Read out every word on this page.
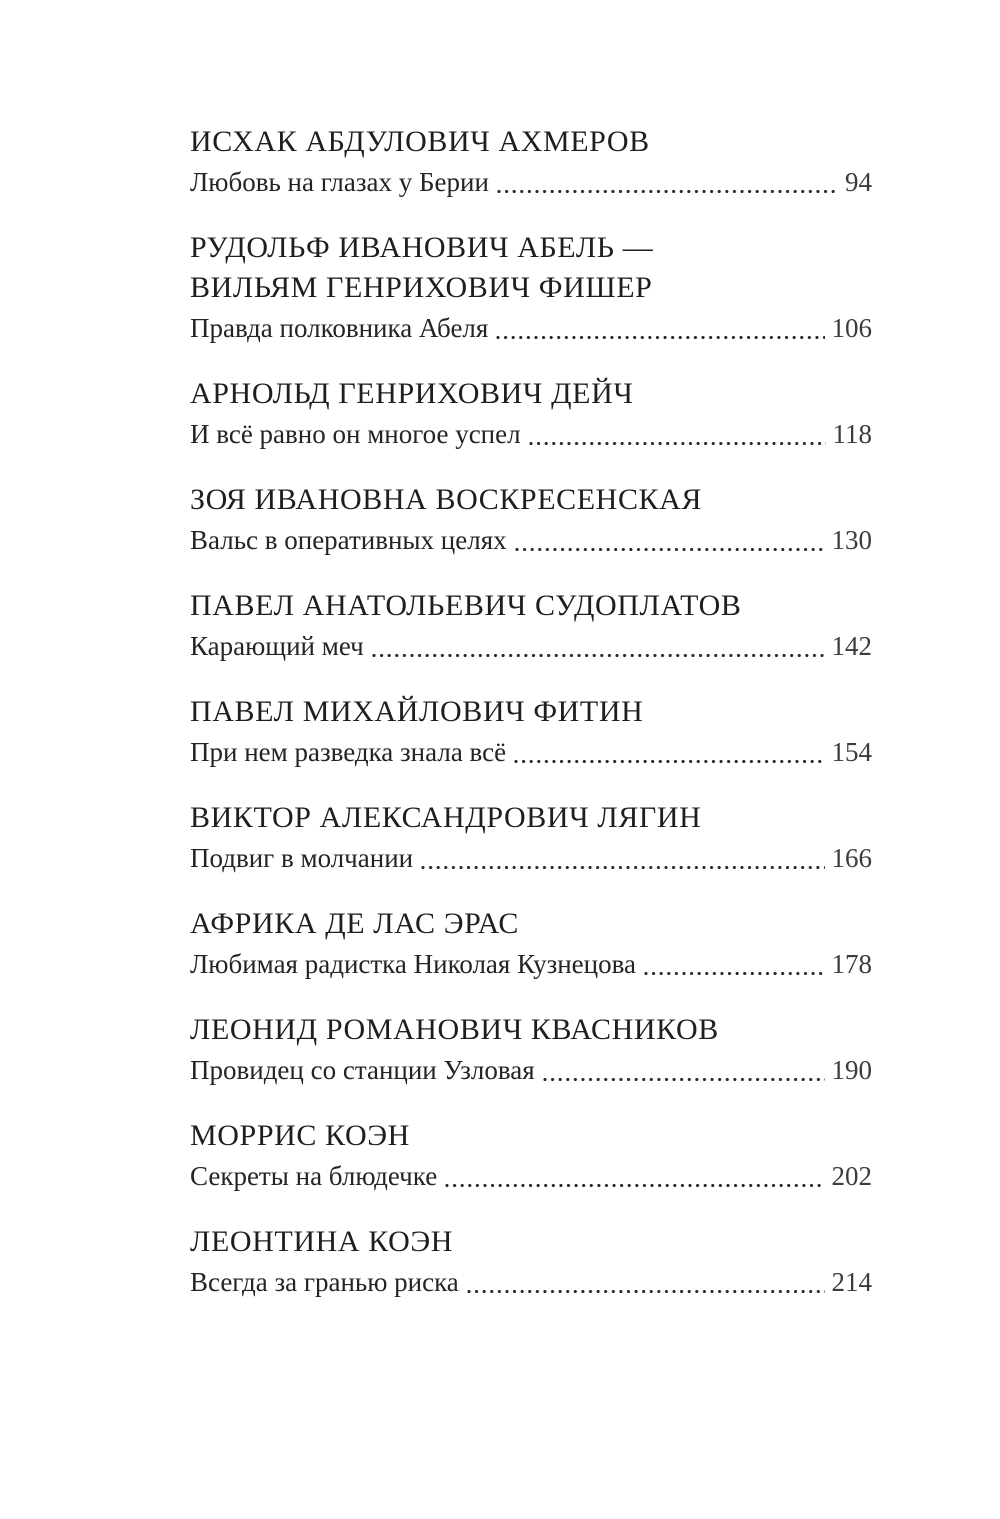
ИСХАК АБДУЛОВИЧ АХМЕРОВ
Любовь на глазах у Берии	94
РУДОЛЬФ ИВАНОВИЧ АБЕЛЬ —
ВИЛЬЯМ ГЕНРИХОВИЧ ФИШЕР
Правда полковника Абеля	106
АРНОЛЬД ГЕНРИХОВИЧ ДЕЙЧ
И всё равно он многое успел	118
ЗОЯ ИВАНОВНА ВОСКРЕСЕНСКАЯ
Вальс в оперативных целях	130
ПАВЕЛ АНАТОЛЬЕВИЧ СУДОПЛАТОВ
Карающий меч	142
ПАВЕЛ МИХАЙЛОВИЧ ФИТИН
При нем разведка знала всё	154
ВИКТОР АЛЕКСАНДРОВИЧ ЛЯГИН
Подвиг в молчании	166
АФРИКА ДЕ ЛАС ЭРАС
Любимая радистка Николая Кузнецова	178
ЛЕОНИД РОМАНОВИЧ КВАСНИКОВ
Провидец со станции Узловая	190
МОРРИС КОЭН
Секреты на блюдечке	202
ЛЕОНТИНА КОЭН
Всегда за гранью риска	214
